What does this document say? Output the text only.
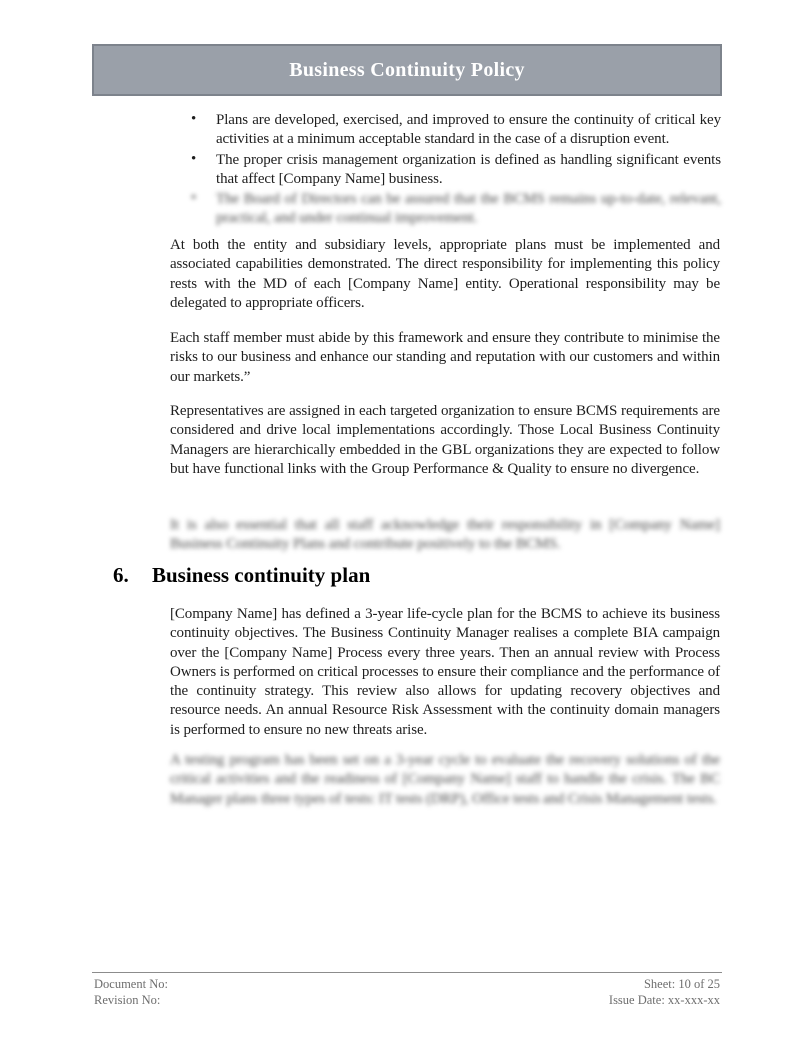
Business Continuity Policy
• Plans are developed, exercised, and improved to ensure the continuity of critical key activities at a minimum acceptable standard in the case of a disruption event.
• The proper crisis management organization is defined as handling significant events that affect [Company Name] business.
• The Board of Directors can be assured that the BCMS remains up-to-date, relevant, practical, and under continual improvement.

At both the entity and subsidiary levels, appropriate plans must be implemented and associated capabilities demonstrated. The direct responsibility for implementing this policy rests with the MD of each [Company Name] entity. Operational responsibility may be delegated to appropriate officers.

Each staff member must abide by this framework and ensure they contribute to minimise the risks to our business and enhance our standing and reputation with our customers and within our markets.”

Representatives are assigned in each targeted organization to ensure BCMS requirements are considered and drive local implementations accordingly. Those Local Business Continuity Managers are hierarchically embedded in the GBL organizations they are expected to follow but have functional links with the Group Performance & Quality to ensure no divergence.

It is also essential that all staff acknowledge their responsibility in [Company Name] Business Continuity Plans and contribute positively to the BCMS.

6.	Business continuity plan

[Company Name] has defined a 3-year life-cycle plan for the BCMS to achieve its business continuity objectives. The Business Continuity Manager realises a complete BIA campaign over the [Company Name] Process every three years. Then an annual review with Process Owners is performed on critical processes to ensure their compliance and the performance of the continuity strategy. This review also allows for updating recovery objectives and resource needs. An annual Resource Risk Assessment with the continuity domain managers is performed to ensure no new threats arise.

A testing program has been set on a 3-year cycle to evaluate the recovery solutions of the critical activities and the readiness of [Company Name] staff to handle the crisis. The BC Manager plans three types of tests: IT tests (DRP), Office tests and Crisis Management tests.

Document No:
Revision No:
Sheet: 10 of 25
Issue Date: xx-xxx-xx
